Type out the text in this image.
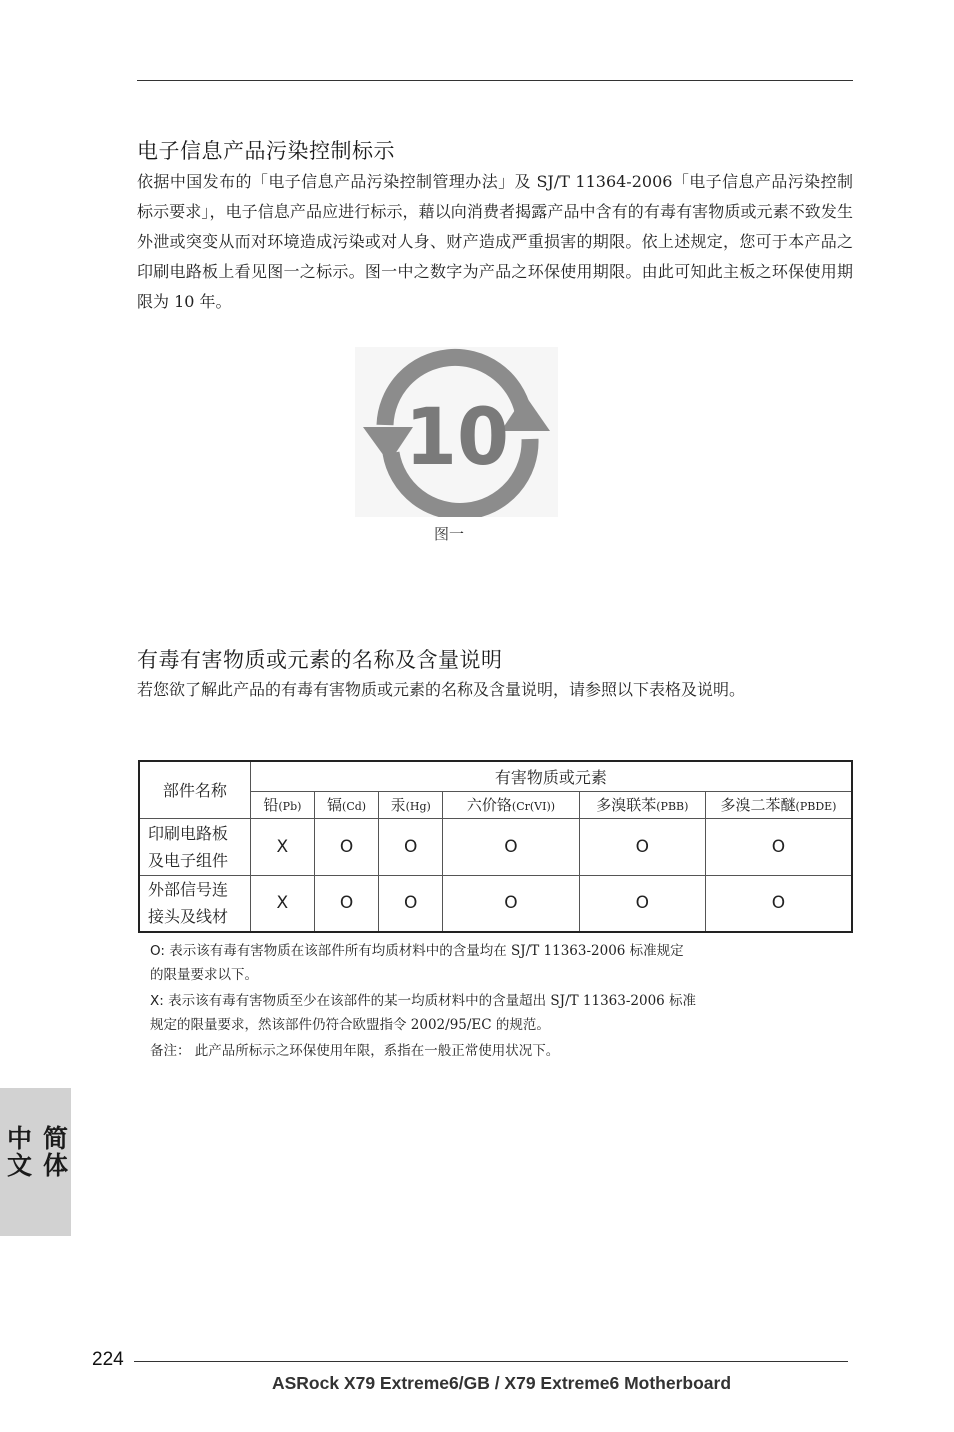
电子信息产品污染控制标示
依据中国发布的「电子信息产品污染控制管理办法」及 SJ/T 11364-2006「电子信息产品污染控制标示要求」，电子信息产品应进行标示，藉以向消费者揭露产品中含有的有毒有害物质或元素不致发生外泄或突变从而对环境造成污染或对人身、财产造成严重损害的期限。依上述规定，您可于本产品之印刷电路板上看见图一之标示。图一中之数字为产品之环保使用期限。由此可知此主板之环保使用期限为 10 年。
10
图一
有毒有害物质或元素的名称及含量说明
若您欲了解此产品的有毒有害物质或元素的名称及含量说明，请参照以下表格及说明。
部件名称	有害物质或元素					
	铅(Pb)	镉(Cd)	汞(Hg)	六价铬(Cr(VI))	多溴联苯(PBB)	多溴二苯醚(PBDE)
印刷电路板
及电子组件	X	O	O	O	O	O
外部信号连
接头及线材	X	O	O	O	O	O

O: 表示该有毒有害物质在该部件所有均质材料中的含量均在 SJ/T 11363-2006 标准规定

的限量要求以下。

X: 表示该有毒有害物质至少在该部件的某一均质材料中的含量超出 SJ/T 11363-2006 标准

规定的限量要求，然该部件仍符合欧盟指令 2002/95/EC 的规范。

备注： 此产品所标示之环保使用年限，系指在一般正常使用状况下。

简体中文
224
ASRock X79 Extreme6/GB / X79 Extreme6 Motherboard
